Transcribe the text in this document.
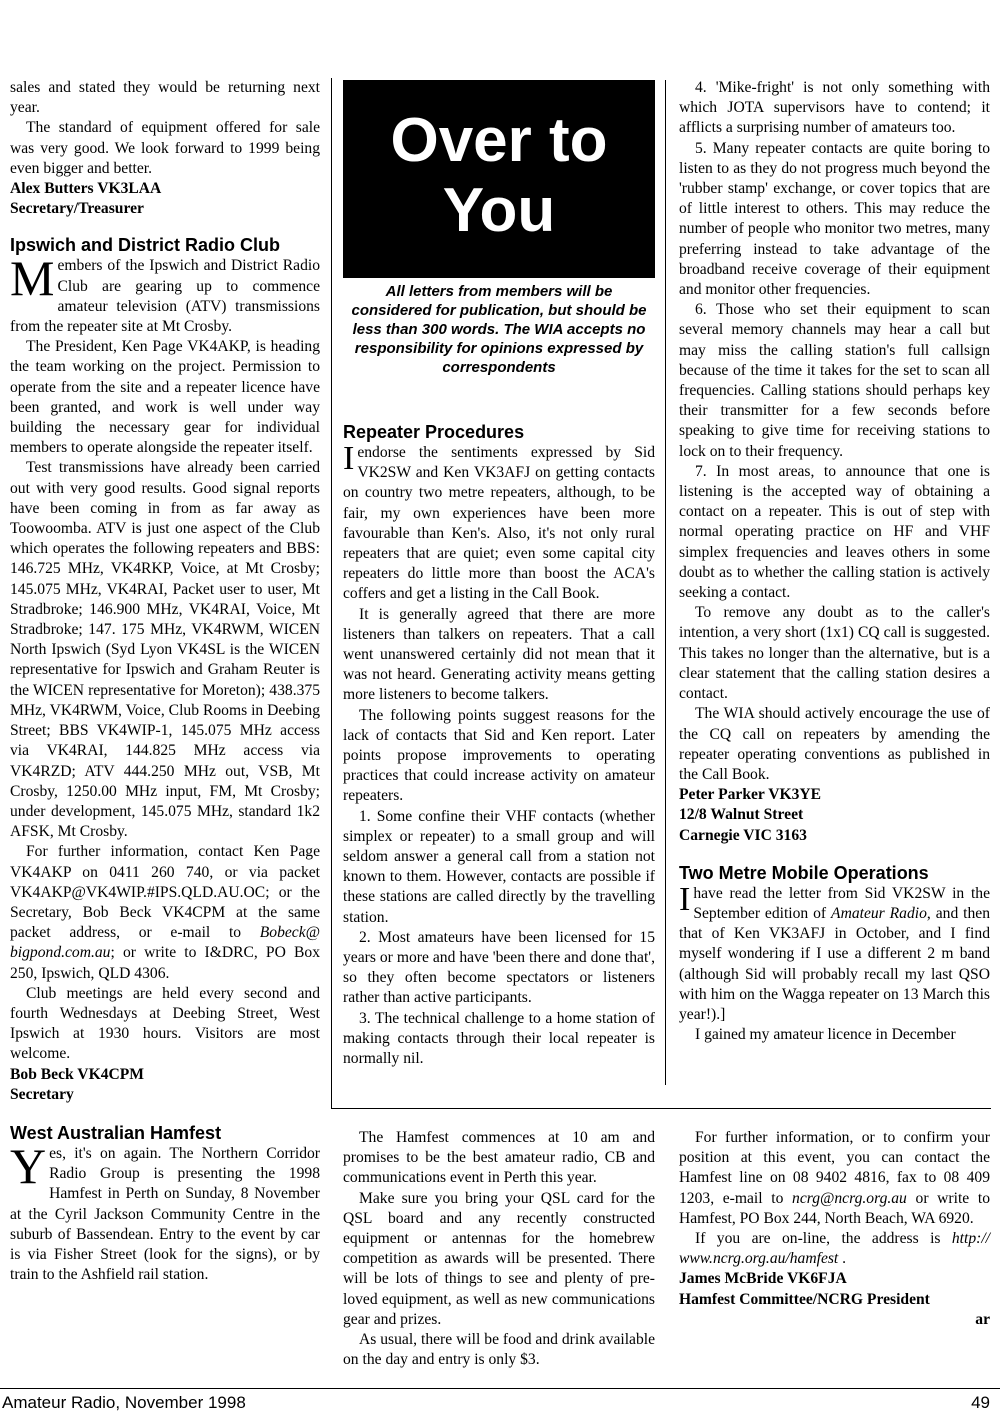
sales and stated they would be returning next year.

The standard of equipment offered for sale was very good. We look forward to 1999 being even bigger and better.

Alex Butters VK3LAA

Secretary/Treasurer

Ipswich and District Radio Club

Members of the Ipswich and District Radio Club are gearing up to commence amateur television (ATV) transmissions from the repeater site at Mt Crosby.

The President, Ken Page VK4AKP, is heading the team working on the project. Permission to operate from the site and a repeater licence have been granted, and work is well under way building the necessary gear for individual members to operate alongside the repeater itself.

Test transmissions have already been carried out with very good results. Good signal reports have been coming in from as far away as Toowoomba. ATV is just one aspect of the Club which operates the following repeaters and BBS: 146.725 MHz, VK4RKP, Voice, at Mt Crosby; 145.075 MHz, VK4RAI, Packet user to user, Mt Stradbroke; 146.900 MHz, VK4RAI, Voice, Mt Stradbroke; 147. 175 MHz, VK4RWM, WICEN North Ipswich (Syd Lyon VK4SL is the WICEN representative for Ipswich and Graham Reuter is the WICEN representative for Moreton); 438.375 MHz, VK4RWM, Voice, Club Rooms in Deebing Street; BBS VK4WIP-1, 145.075 MHz access via VK4RAI, 144.825 MHz access via VK4RZD; ATV 444.250 MHz out, VSB, Mt Crosby, 1250.00 MHz input, FM, Mt Crosby; under development, 145.075 MHz, standard 1k2 AFSK, Mt Crosby.

For further information, contact Ken Page VK4AKP on 0411 260 740, or via packet VK4AKP@VK4WIP.#IPS.QLD.AU.OC; or the Secretary, Bob Beck VK4CPM at the same packet address, or e-mail to Bobeck@ bigpond.com.au; or write to I&DRC, PO Box 250, Ipswich, QLD 4306.

Club meetings are held every second and fourth Wednesdays at Deebing Street, West Ipswich at 1930 hours. Visitors are most welcome.

Bob Beck VK4CPM

Secretary

West Australian Hamfest

Yes, it's on again. The Northern Corridor Radio Group is presenting the 1998 Hamfest in Perth on Sunday, 8 November at the Cyril Jackson Community Centre in the suburb of Bassendean. Entry to the event by car is via Fisher Street (look for the signs), or by train to the Ashfield rail station.

Over to
You
All letters from members will be considered for publication, but should be less than 300 words. The WIA accepts no responsibility for opinions expressed by correspondents
Repeater Procedures

Iendorse the sentiments expressed by Sid VK2SW and Ken VK3AFJ on getting contacts on country two metre repeaters, although, to be fair, my own experiences have been more favourable than Ken's. Also, it's not only rural repeaters that are quiet; even some capital city repeaters do little more than boost the ACA's coffers and get a listing in the Call Book.

It is generally agreed that there are more listeners than talkers on repeaters. That a call went unanswered certainly did not mean that it was not heard. Generating activity means getting more listeners to become talkers.

The following points suggest reasons for the lack of contacts that Sid and Ken report. Later points propose improvements to operating practices that could increase activity on amateur repeaters.

1. Some confine their VHF contacts (whether simplex or repeater) to a small group and will seldom answer a general call from a station not known to them. However, contacts are possible if these stations are called directly by the travelling station.

2. Most amateurs have been licensed for 15 years or more and have 'been there and done that', so they often become spectators or listeners rather than active participants.

3. The technical challenge to a home station of making contacts through their local repeater is normally nil.

4. 'Mike-fright' is not only something with which JOTA supervisors have to contend; it afflicts a surprising number of amateurs too.

5. Many repeater contacts are quite boring to listen to as they do not progress much beyond the 'rubber stamp' exchange, or cover topics that are of little interest to others. This may reduce the number of people who monitor two metres, many preferring instead to take advantage of the broadband receive coverage of their equipment and monitor other frequencies.

6. Those who set their equipment to scan several memory channels may hear a call but may miss the calling station's full callsign because of the time it takes for the set to scan all frequencies. Calling stations should perhaps key their transmitter for a few seconds before speaking to give time for receiving stations to lock on to their frequency.

7. In most areas, to announce that one is listening is the accepted way of obtaining a contact on a repeater. This is out of step with normal operating practice on HF and VHF simplex frequencies and leaves others in some doubt as to whether the calling station is actively seeking a contact.

To remove any doubt as to the caller's intention, a very short (1x1) CQ call is suggested. This takes no longer than the alternative, but is a clear statement that the calling station desires a contact.

The WIA should actively encourage the use of the CQ call on repeaters by amending the repeater operating conventions as published in the Call Book.

Peter Parker VK3YE

12/8 Walnut Street

Carnegie VIC 3163

Two Metre Mobile Operations

Ihave read the letter from Sid VK2SW in the September edition of Amateur Radio, and then that of Ken VK3AFJ in October, and I find myself wondering if I use a different 2 m band (although Sid will probably recall my last QSO with him on the Wagga repeater on 13 March this year!).]

I gained my amateur licence in December

The Hamfest commences at 10 am and promises to be the best amateur radio, CB and communications event in Perth this year.

Make sure you bring your QSL card for the QSL board and any recently constructed equipment or antennas for the homebrew competition as awards will be presented. There will be lots of things to see and plenty of pre-loved equipment, as well as new communications gear and prizes.

As usual, there will be food and drink available on the day and entry is only $3.

For further information, or to confirm your position at this event, you can contact the Hamfest line on 08 9402 4816, fax to 08 409 1203, e-mail to ncrg@ncrg.org.au or write to Hamfest, PO Box 244, North Beach, WA 6920.

If you are on-line, the address is http:// www.ncrg.org.au/hamfest .

James McBride VK6FJA

Hamfest Committee/NCRG President

ar

Amateur Radio, November 1998	49
